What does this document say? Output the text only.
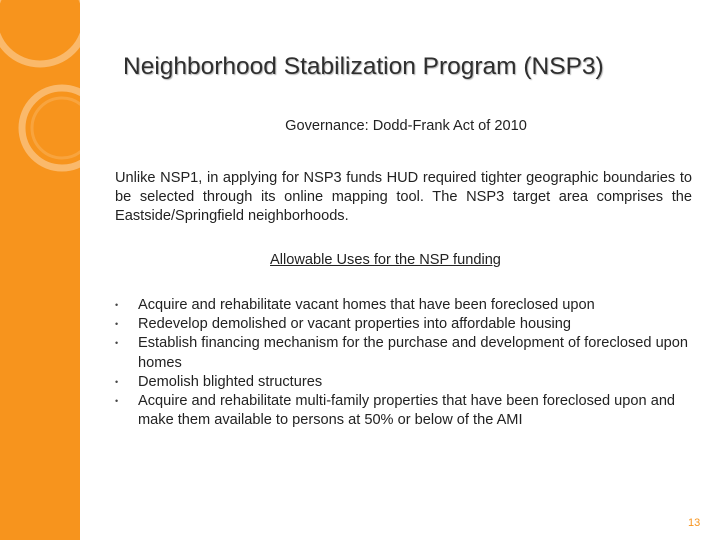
Neighborhood Stabilization Program (NSP3)
Governance: Dodd-Frank Act of 2010
Unlike NSP1, in applying for NSP3 funds HUD required tighter geographic boundaries to be selected through its online mapping tool. The NSP3 target area comprises the Eastside/Springfield neighborhoods.
Allowable Uses for the NSP funding
• Acquire and rehabilitate vacant homes that have been foreclosed upon
• Redevelop demolished or vacant properties into affordable housing
• Establish financing mechanism for the purchase and development of foreclosed upon homes
• Demolish blighted structures
• Acquire and rehabilitate multi-family properties that have been foreclosed upon and make them available to persons at 50% or below of the AMI
13
